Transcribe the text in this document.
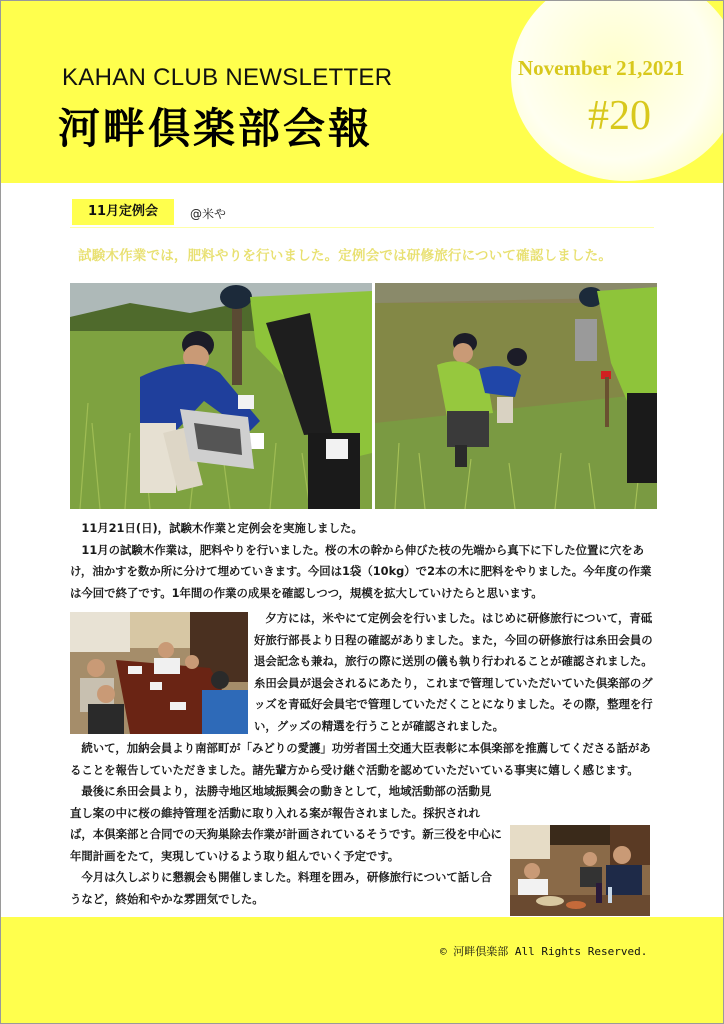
KAHAN CLUB NEWSLETTER
河畔倶楽部会報
November 21,2021
#20
11月定例会	@米や
試験木作業では，肥料やりを行いました。定例会では研修旅行について確認しました。

11月21日(日)，試験木作業と定例会を実施しました。

11月の試験木作業は，肥料やりを行いました。桜の木の幹から伸びた枝の先端から真下に下した位置に穴をあけ，油かすを数か所に分けて埋めていきます。今回は1袋（10kg）で2本の木に肥料をやりました。今年度の作業は今回で終了です。1年間の作業の成果を確認しつつ，規模を拡大していけたらと思います。

夕方には，米やにて定例会を行いました。はじめに研修旅行について，青砥好旅行部長より日程の確認がありました。また，今回の研修旅行は糸田会員の退会記念も兼ね，旅行の際に送別の儀も執り行われることが確認されました。糸田会員が退会されるにあたり，これまで管理していただいていた倶楽部のグッズを青砥好会員宅で管理していただくことになりました。その際，整理を行い，グッズの精選を行うことが確認されました。

続いて，加納会員より南部町が「みどりの愛護」功労者国土交通大臣表彰に本倶楽部を推薦してくださる話があることを報告していただきました。諸先輩方から受け継ぐ活動を認めていただいている事実に嬉しく感じます。

最後に糸田会員より，法勝寺地区地域振興会の動きとして，地域活動部の活動見直し案の中に桜の維持管理を活動に取り入れる案が報告されました。採択されれば，本倶楽部と合同での天狗巣除去作業が計画されているそうです。新三役を中心に年間計画をたて，実現していけるよう取り組んでいく予定です。

今月は久しぶりに懇親会も開催しました。料理を囲み，研修旅行について話し合うなど，終始和やかな雰囲気でした。

©︎ 河畔倶楽部 All Rights Reserved.
